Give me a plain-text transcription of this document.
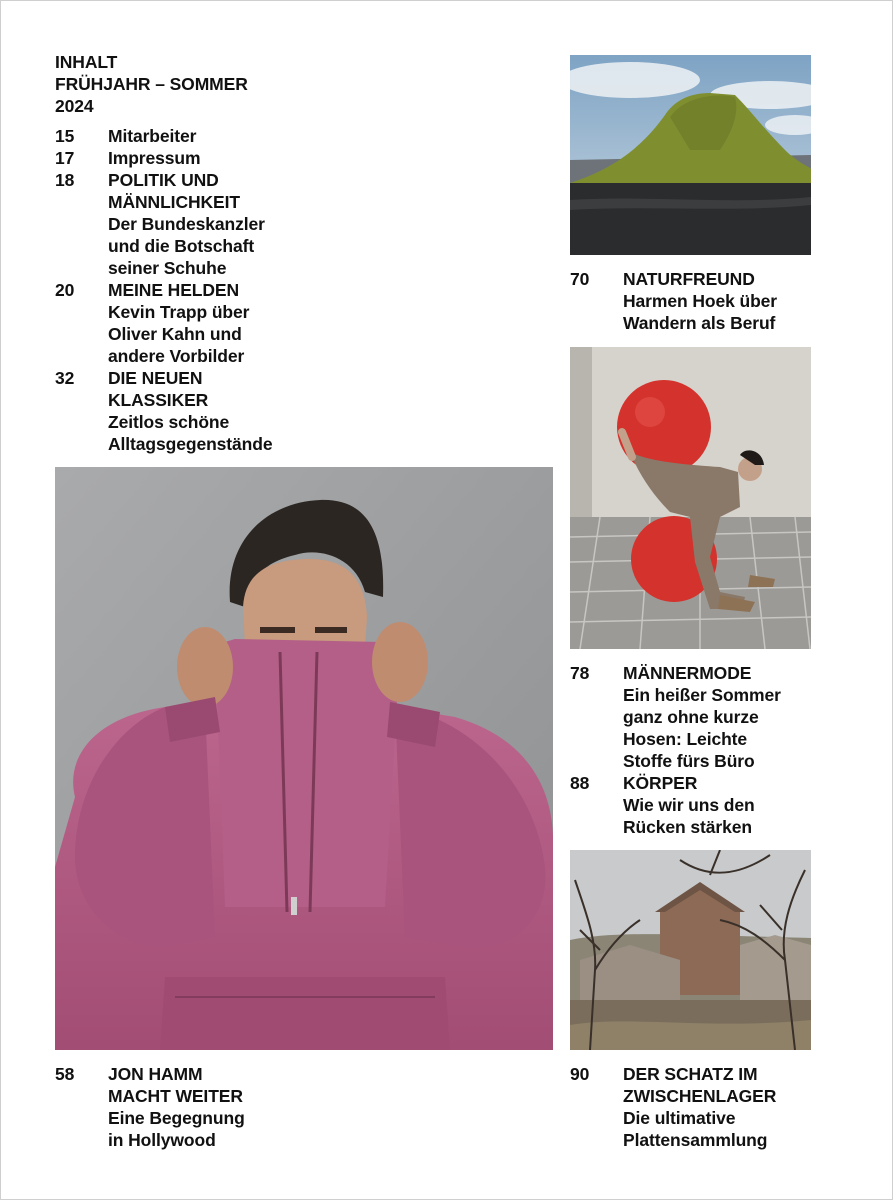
INHALT
FRÜHJAHR – SOMMER
2024
15 Mitarbeiter
17 Impressum
18 POLITIK UND
MÄNNLICHKEIT
Der Bundeskanzler
und die Botschaft
seiner Schuhe
20 MEINE HELDEN
Kevin Trapp über
Oliver Kahn und
andere Vorbilder
32 DIE NEUEN
KLASSIKER
Zeitlos schöne
Alltagsgegenstände
58 JON HAMM
MACHT WEITER
Eine Begegnung
in Hollywood
70 NATURFREUND
Harmen Hoek über
Wandern als Beruf
78 MÄNNERMODE
Ein heißer Sommer
ganz ohne kurze
Hosen: Leichte
Stoffe fürs Büro
88 KÖRPER
Wie wir uns den
Rücken stärken
90 DER SCHATZ IM
ZWISCHENLAGER
Die ultimative
Plattensammlung
